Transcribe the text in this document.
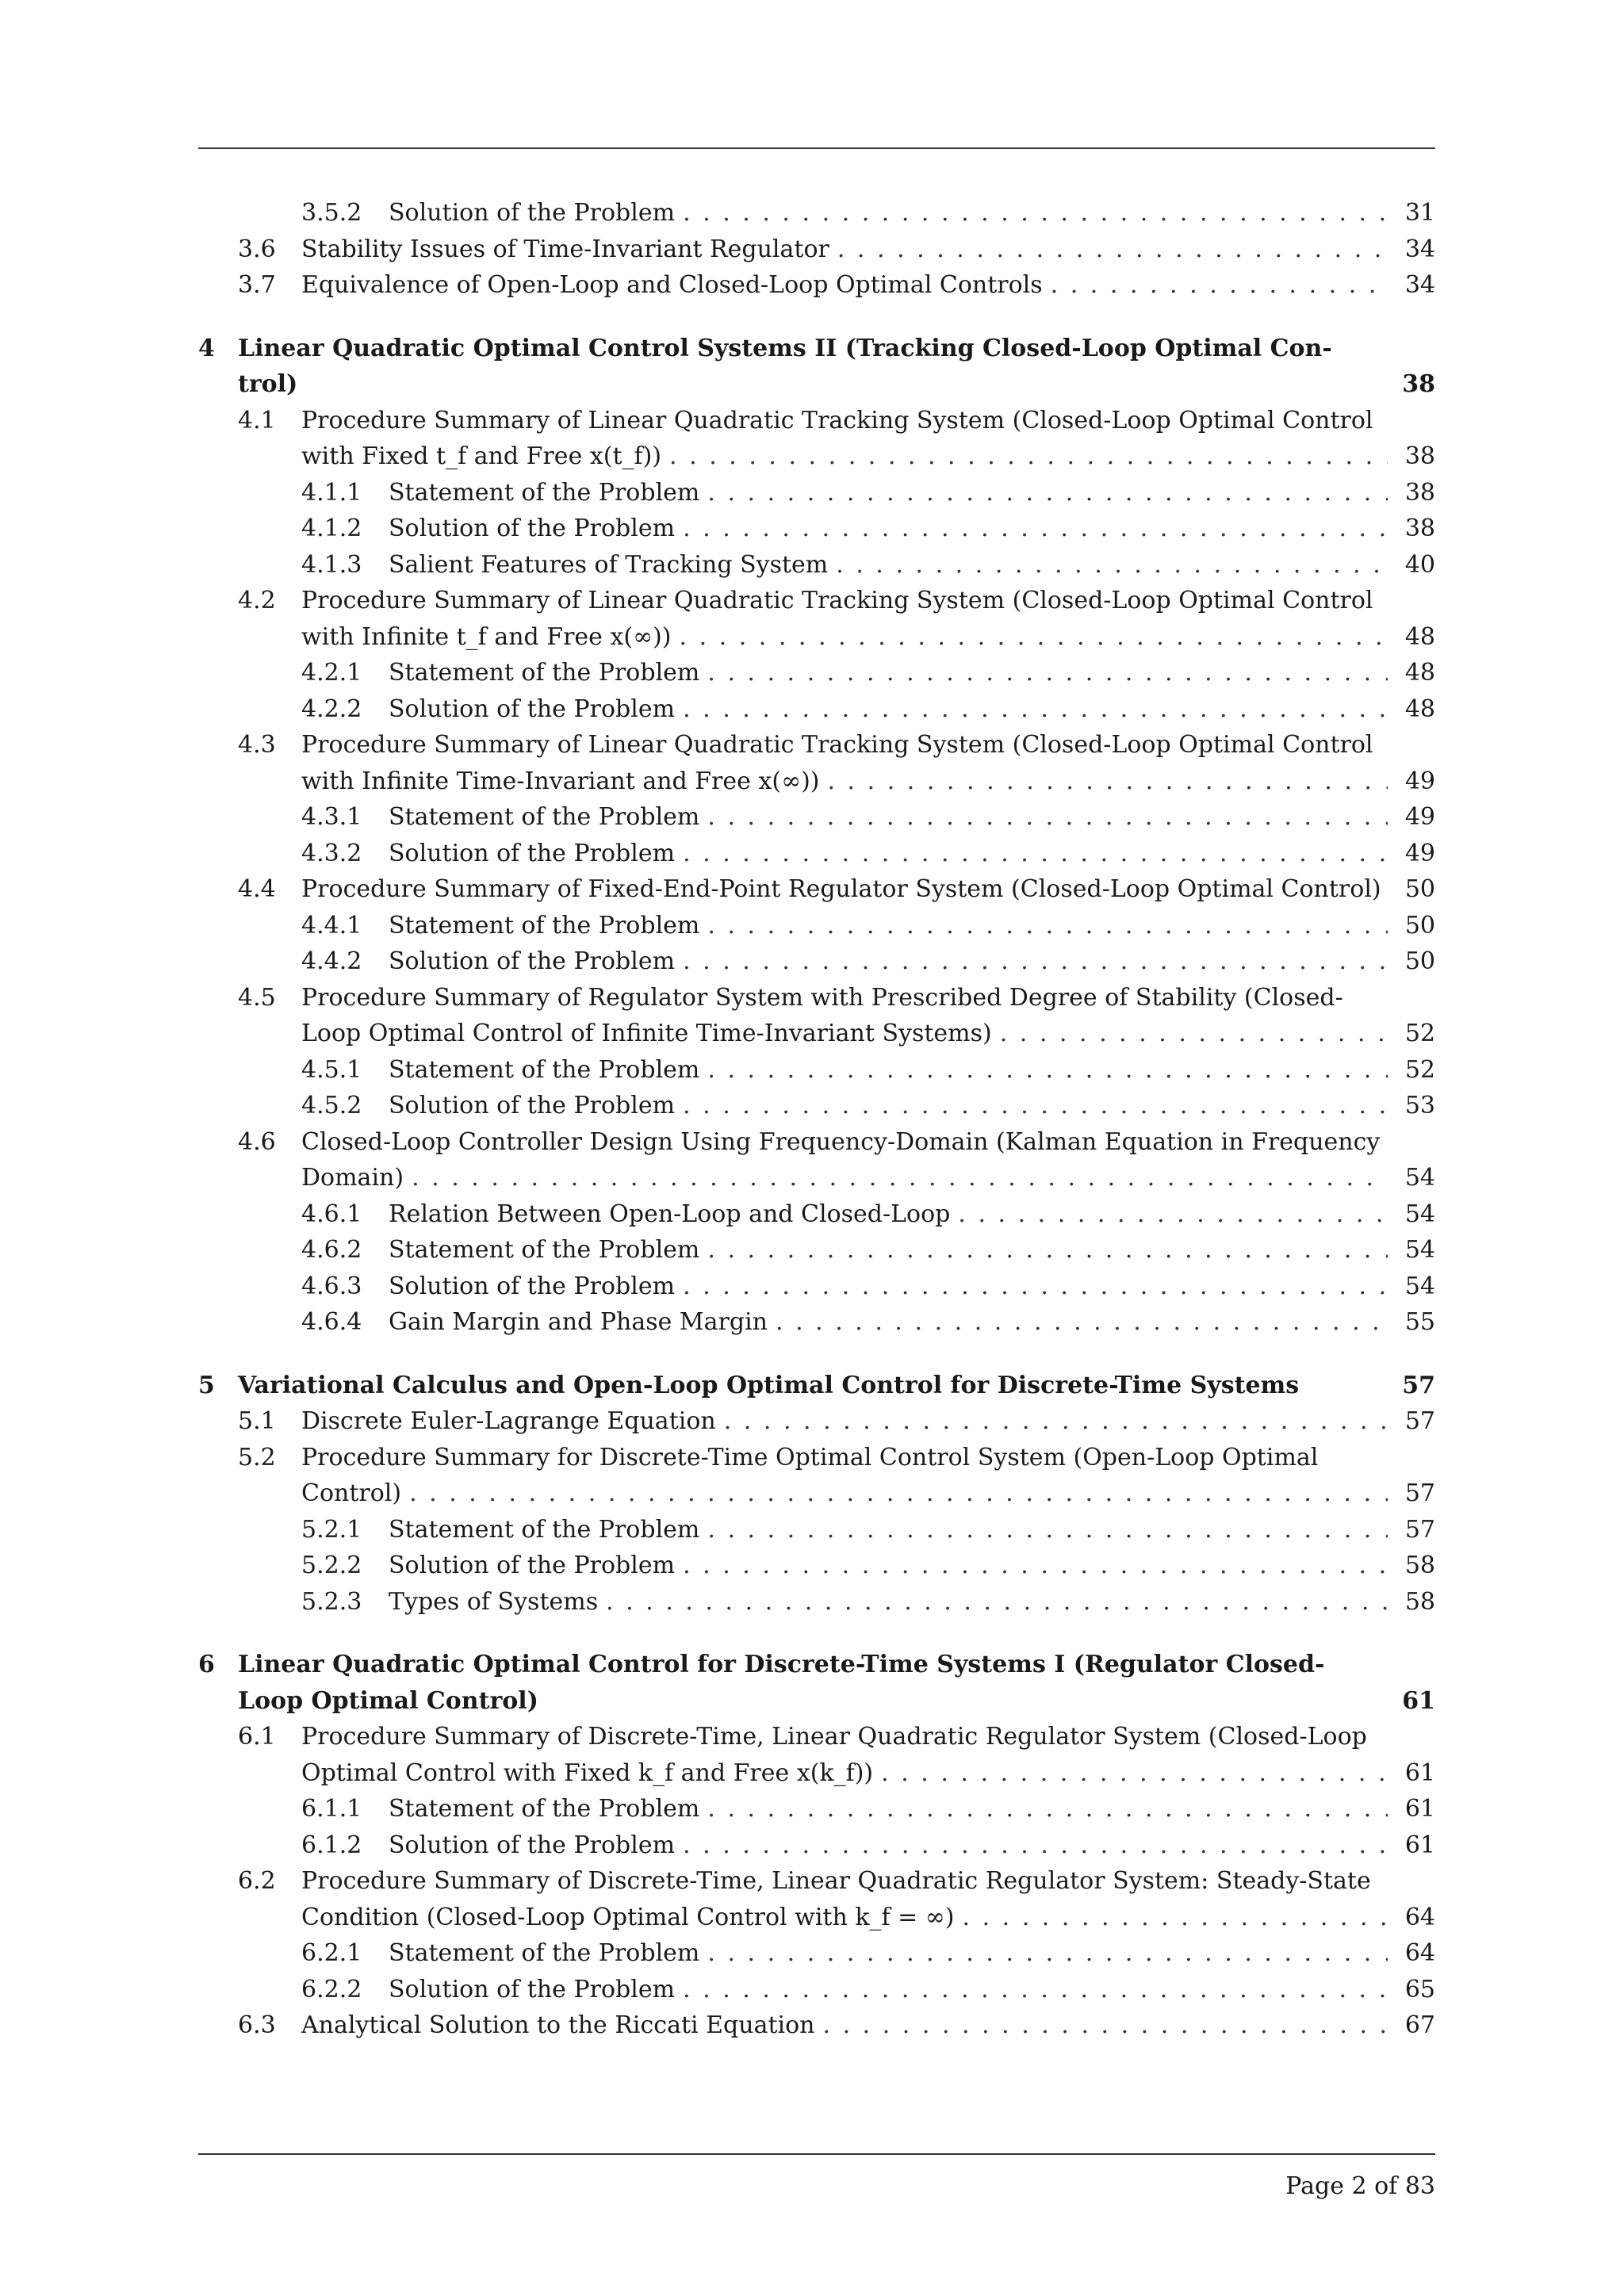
3.5.2 Solution of the Problem . . .	31
3.6 Stability Issues of Time-Invariant Regulator . . .	34
3.7 Equivalence of Open-Loop and Closed-Loop Optimal Controls . . .	34
4 Linear Quadratic Optimal Control Systems II (Tracking Closed-Loop Optimal Con-
trol)	38
4.1 Procedure Summary of Linear Quadratic Tracking System (Closed-Loop Optimal Control
with Fixed t_f and Free x(t_f)) . . .	38
4.1.1 Statement of the Problem . . .	38
4.1.2 Solution of the Problem . . .	38
4.1.3 Salient Features of Tracking System . . .	40
4.2 Procedure Summary of Linear Quadratic Tracking System (Closed-Loop Optimal Control
with Infinite t_f and Free x(∞)) . . .	48
4.2.1 Statement of the Problem . . .	48
4.2.2 Solution of the Problem . . .	48
4.3 Procedure Summary of Linear Quadratic Tracking System (Closed-Loop Optimal Control
with Infinite Time-Invariant and Free x(∞)) . . .	49
4.3.1 Statement of the Problem . . .	49
4.3.2 Solution of the Problem . . .	49
4.4 Procedure Summary of Fixed-End-Point Regulator System (Closed-Loop Optimal Control)	50
4.4.1 Statement of the Problem . . .	50
4.4.2 Solution of the Problem . . .	50
4.5 Procedure Summary of Regulator System with Prescribed Degree of Stability (Closed-
Loop Optimal Control of Infinite Time-Invariant Systems) . . .	52
4.5.1 Statement of the Problem . . .	52
4.5.2 Solution of the Problem . . .	53
4.6 Closed-Loop Controller Design Using Frequency-Domain (Kalman Equation in Frequency
Domain) . . .	54
4.6.1 Relation Between Open-Loop and Closed-Loop . . .	54
4.6.2 Statement of the Problem . . .	54
4.6.3 Solution of the Problem . . .	54
4.6.4 Gain Margin and Phase Margin . . .	55
5 Variational Calculus and Open-Loop Optimal Control for Discrete-Time Systems	57
5.1 Discrete Euler-Lagrange Equation . . .	57
5.2 Procedure Summary for Discrete-Time Optimal Control System (Open-Loop Optimal
Control) . . .	57
5.2.1 Statement of the Problem . . .	57
5.2.2 Solution of the Problem . . .	58
5.2.3 Types of Systems . . .	58
6 Linear Quadratic Optimal Control for Discrete-Time Systems I (Regulator Closed-
Loop Optimal Control)	61
6.1 Procedure Summary of Discrete-Time, Linear Quadratic Regulator System (Closed-Loop
Optimal Control with Fixed k_f and Free x(k_f)) . . .	61
6.1.1 Statement of the Problem . . .	61
6.1.2 Solution of the Problem . . .	61
6.2 Procedure Summary of Discrete-Time, Linear Quadratic Regulator System: Steady-State
Condition (Closed-Loop Optimal Control with k_f = ∞) . . .	64
6.2.1 Statement of the Problem . . .	64
6.2.2 Solution of the Problem . . .	65
6.3 Analytical Solution to the Riccati Equation . . .	67
Page 2 of 83
